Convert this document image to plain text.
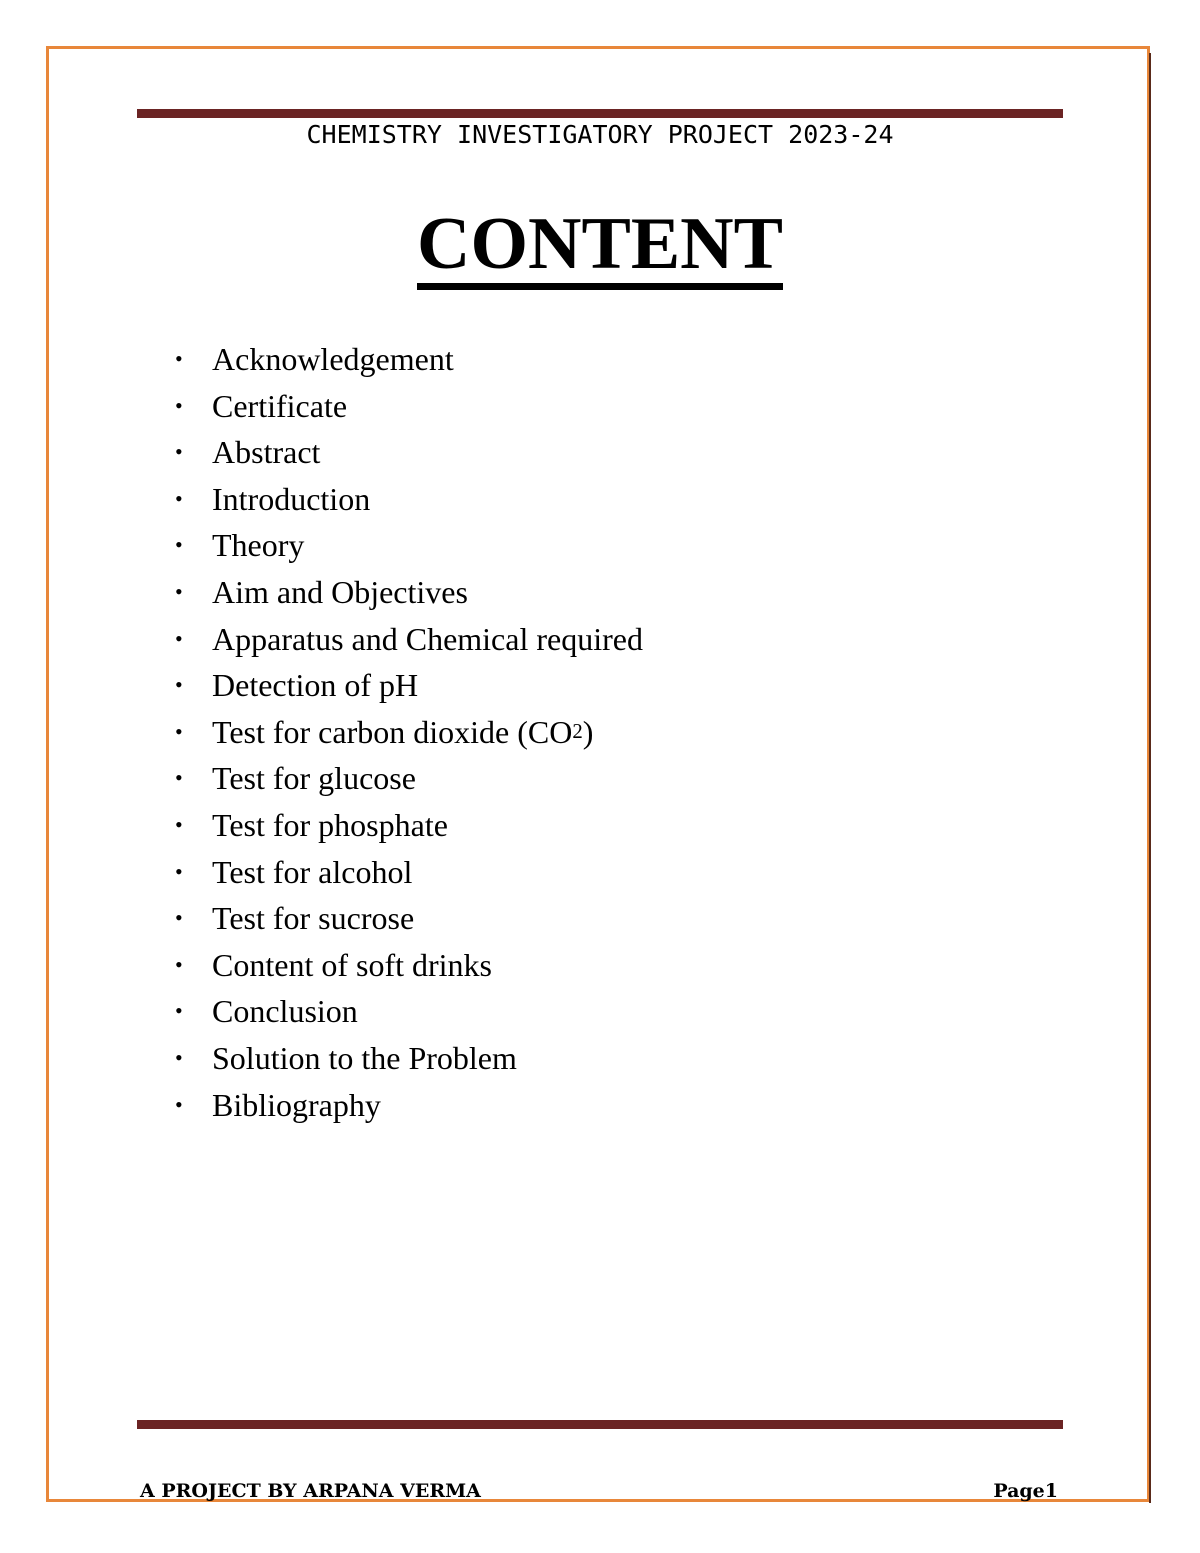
CHEMISTRY INVESTIGATORY PROJECT 2023-24
CONTENT
• Acknowledgement
• Certificate
• Abstract
• Introduction
• Theory
• Aim and Objectives
• Apparatus and Chemical required
• Detection of pH
• Test for carbon dioxide (CO 2 )
• Test for glucose
• Test for phosphate
• Test for alcohol
• Test for sucrose
• Content of soft drinks
• Conclusion
• Solution to the Problem
• Bibliography
A PROJECT BY ARPANA VERMA	Page1
